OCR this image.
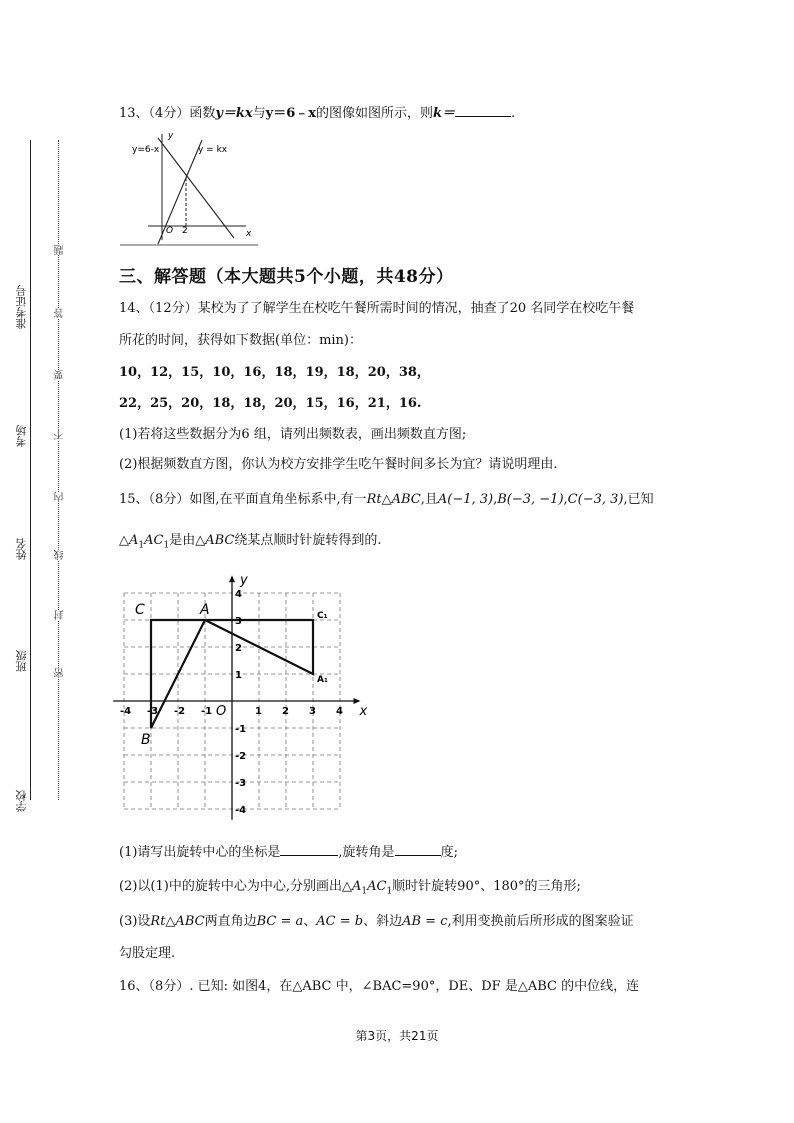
准考证号
考场
姓名
班级
学校
题
答
要
不
内
线
封
密
13、（4分）函数y＝kx与y＝6﹣x的图像如图所示，则k＝	.
y=6-x	y = kx
y
x
O 2
三、解答题（本大题共5个小题，共48分）
14、（12分）某校为了了解学生在校吃午餐所需时间的情况，抽查了20 名同学在校吃午餐
所花的时间，获得如下数据(单位：min)：
10，12，15，10，16，18，19，18，20，38，
22，25，20，18，18，20，15，16，21，16.
(1)若将这些数据分为6 组，请列出频数表，画出频数直方图;
(2)根据频数直方图，你认为校方安排学生吃午餐时间多长为宜？请说明理由.
15、（8分）如图,在平面直角坐标系中,有一Rt△ABC,且A(−1, 3),B(−3, −1),C(−3, 3),已知
$\triangle A_1AC_1$是由△ABC绕某点顺时针旋转得到的.
-4 -3 -2 -1	1 2 3 4
4
3
2
1
-1
-2
-3
-4
A
B
C
A₁
C₁
x
y
O
(1)请写出旋转中心的坐标是	,旋转角是	度;
(2)以(1)中的旋转中心为中心,分别画出$\triangle A_1AC_1$顺时针旋转90°、180°的三角形;
(3)设Rt△ABC两直角边BC = a、AC = b、斜边AB = c,利用变换前后所形成的图案验证
勾股定理.
16、（8分）. 已知: 如图4，在△ABC 中，∠BAC=90°，DE、DF 是△ABC 的中位线，连
第3页，共21页
